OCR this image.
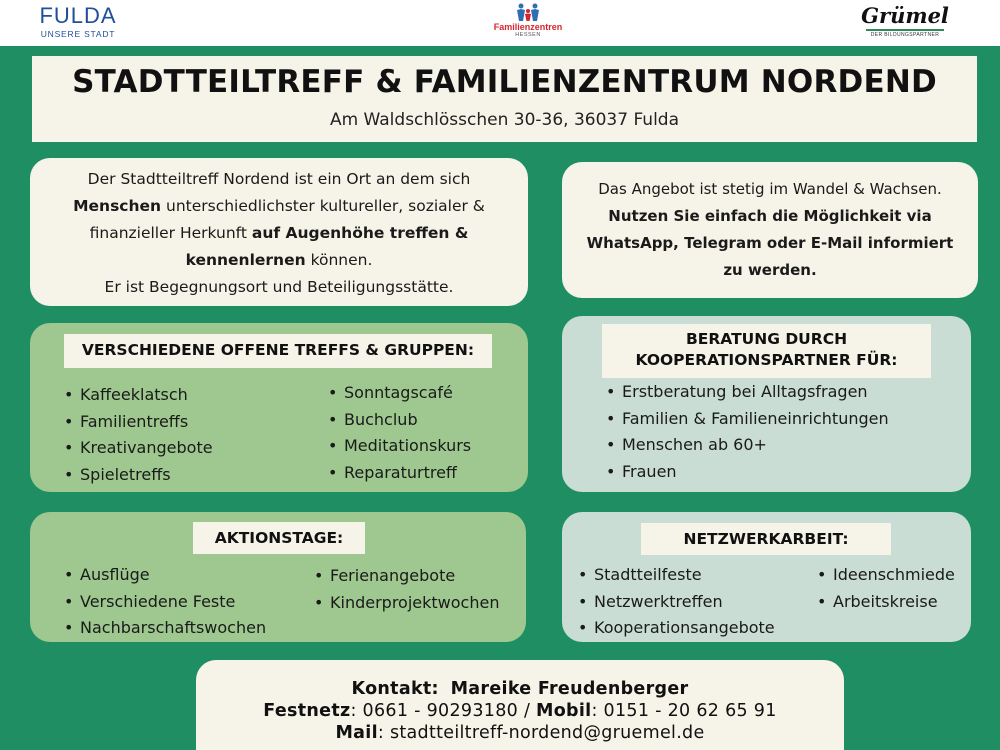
FULDA
UNSERE STADT
Familienzentren
HESSEN
Grümel
DER BILDUNGSPARTNER
STADTTEILTREFF & FAMILIENZENTRUM NORDEND
Am Waldschlösschen 30-36, 36037 Fulda
Der Stadtteiltreff Nordend ist ein Ort an dem sich
Menschen unterschiedlichster kultureller, sozialer &
finanzieller Herkunft auf Augenhöhe treffen &
kennenlernen können.
Er ist Begegnungsort und Beteiligungsstätte.
Das Angebot ist stetig im Wandel & Wachsen.
Nutzen Sie einfach die Möglichkeit via
WhatsApp, Telegram oder E-Mail informiert
zu werden.
VERSCHIEDENE OFFENE TREFFS & GRUPPEN:
• Kaffeeklatsch
• Familientreffs
• Kreativangebote
• Spieletreffs
• Sonntagscafé
• Buchclub
• Meditationskurs
• Reparaturtreff
BERATUNG DURCH
KOOPERATIONSPARTNER FÜR:
• Erstberatung bei Alltagsfragen
• Familien & Familieneinrichtungen
• Menschen ab 60+
• Frauen
AKTIONSTAGE:
• Ausflüge
• Verschiedene Feste
• Nachbarschaftswochen
• Ferienangebote
• Kinderprojektwochen
NETZWERKARBEIT:
• Stadtteilfeste
• Netzwerktreffen
• Kooperationsangebote
• Ideenschmiede
• Arbeitskreise
Kontakt: Mareike Freudenberger
Festnetz: 0661 - 90293180 / Mobil: 0151 - 20 62 65 91
Mail: stadtteiltreff-nordend@gruemel.de
